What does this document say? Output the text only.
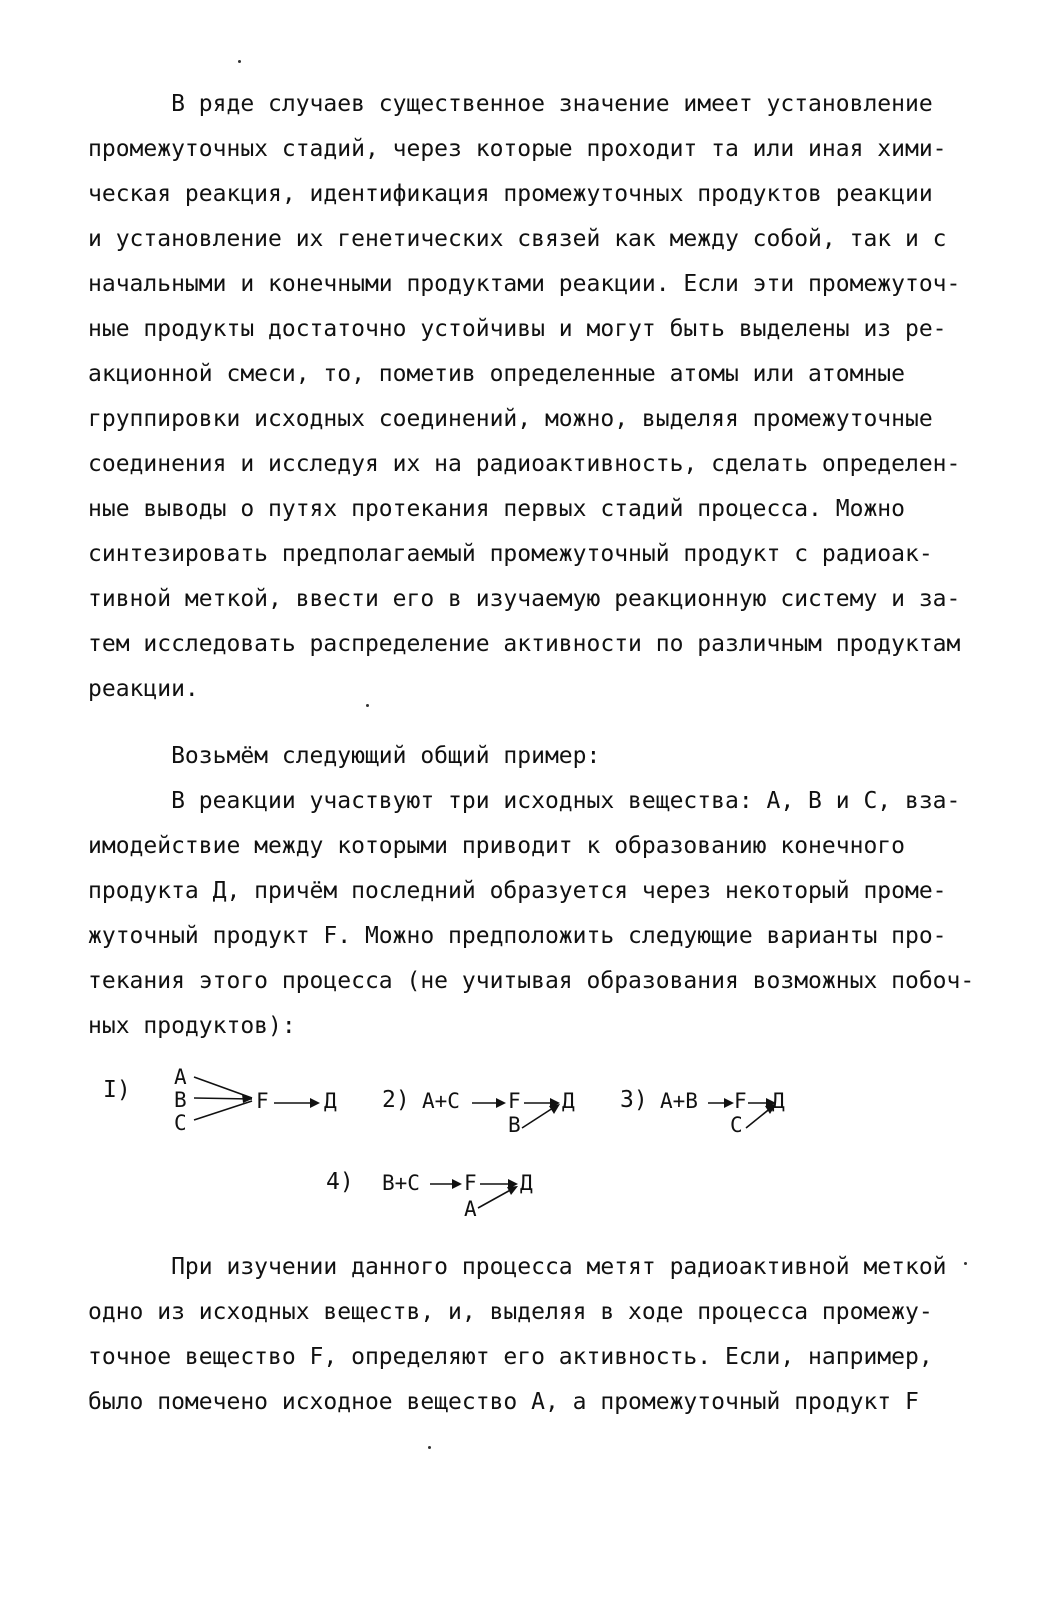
В ряде случаев существенное значение имеет установление
промежуточных стадий, через которые проходит та или иная хими-
ческая реакция, идентификация промежуточных продуктов реакции
и установление их генетических связей как между собой, так и с
начальными и конечными продуктами реакции. Если эти промежуточ-
ные продукты достаточно устойчивы и могут быть выделены из ре-
акционной смеси, то, пометив определенные атомы или атомные
группировки исходных соединений, можно, выделяя промежуточные
соединения и исследуя их на радиоактивность, сделать определен-
ные выводы о путях протекания первых стадий процесса. Можно
синтезировать предполагаемый промежуточный продукт с радиоак-
тивной меткой, ввести его в изучаемую реакционную систему и за-
тем исследовать распределение активности по различным продуктам
реакции.
Возьмём следующий общий пример:
В реакции участвуют три исходных вещества: А, В и С, вза-
имодействие между которыми приводит к образованию конечного
продукта Д, причём последний образуется через некоторый проме-
жуточный продукт F. Можно предположить следующие варианты про-
текания этого процесса (не учитывая образования возможных побоч-
ных продуктов):
I) A
B
C
F	Д 2) A+C F Д
B
3) A+B F Д
C
4) B+C F Д
A
При изучении данного процесса метят радиоактивной меткой
одно из исходных веществ, и, выделяя в ходе процесса промежу-
точное вещество F, определяют его активность. Если, например,
было помечено исходное вещество А, а промежуточный продукт F
